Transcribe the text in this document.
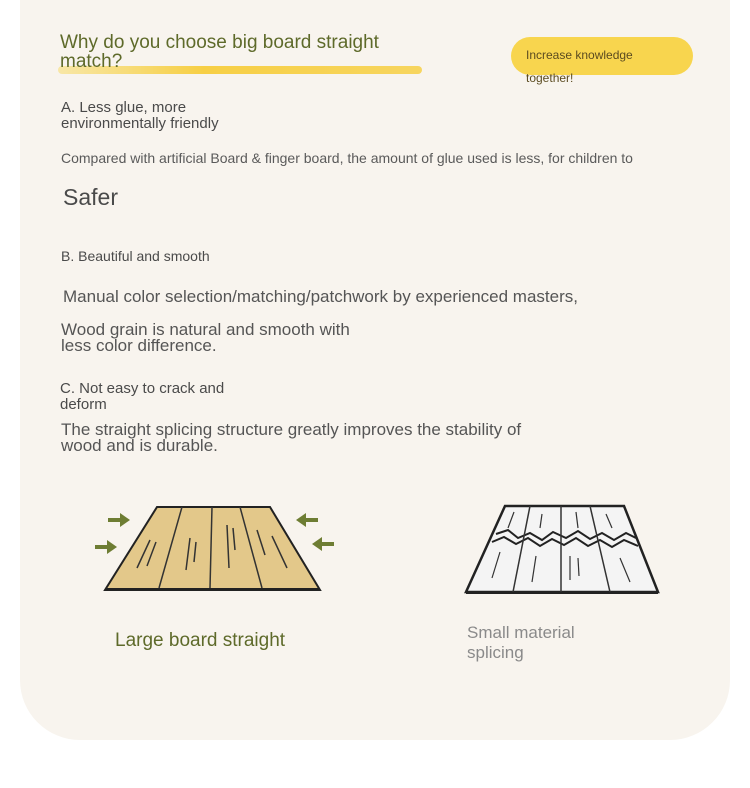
Why do you choose big board straight match?	Increase knowledge together!
A. Less glue, more environmentally friendly
Compared with artificial Board & finger board, the amount of glue used is less, for children to
Safer
B. Beautiful and smooth
Manual color selection/matching/patchwork by experienced masters,
Wood grain is natural and smooth with less color difference.
C. Not easy to crack and deform
The straight splicing structure greatly improves the stability of wood and is durable.
Large board straight	Small material splicing
